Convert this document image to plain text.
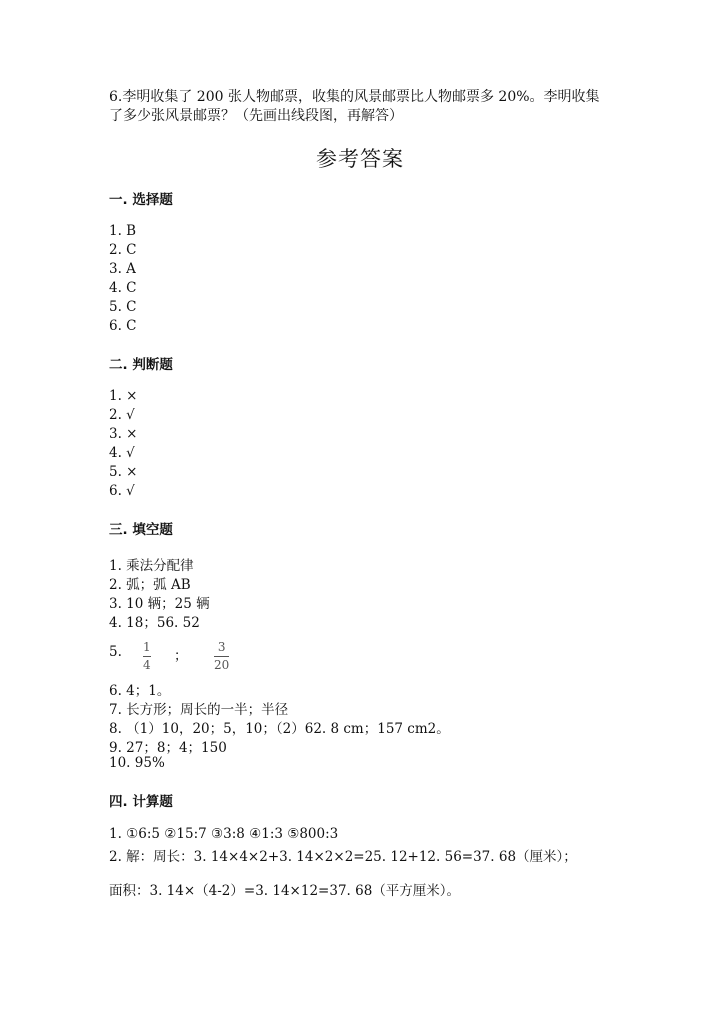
6.李明收集了 200 张人物邮票，收集的风景邮票比人物邮票多 20%。李明收集
了多少张风景邮票？（先画出线段图，再解答）
参考答案
一. 选择题
1. B
2. C
3. A
4. C
5. C
6. C
二. 判断题
1. ×
2. √
3. ×
4. √
5. ×
6. √
三. 填空题
1. 乘法分配律
2. 弧；弧 AB
3. 10 辆；25 辆
4. 18；56. 52
5. $\frac{1}{4}$ ； $\frac{3}{20}$
6. 4；1。
7. 长方形；周长的一半；半径
8. （1）10，20；5，10；（2）62. 8 cm；157 cm2。
9. 27；8；4；150
10. 95%
四. 计算题
1. ①6:5 ②15:7 ③3:8 ④1:3 ⑤800:3
2. 解：周长：3. 14×4×2+3. 14×2×2=25. 12+12. 56=37. 68（厘米）；
面积：3. 14×（4-2）=3. 14×12=37. 68（平方厘米）。
